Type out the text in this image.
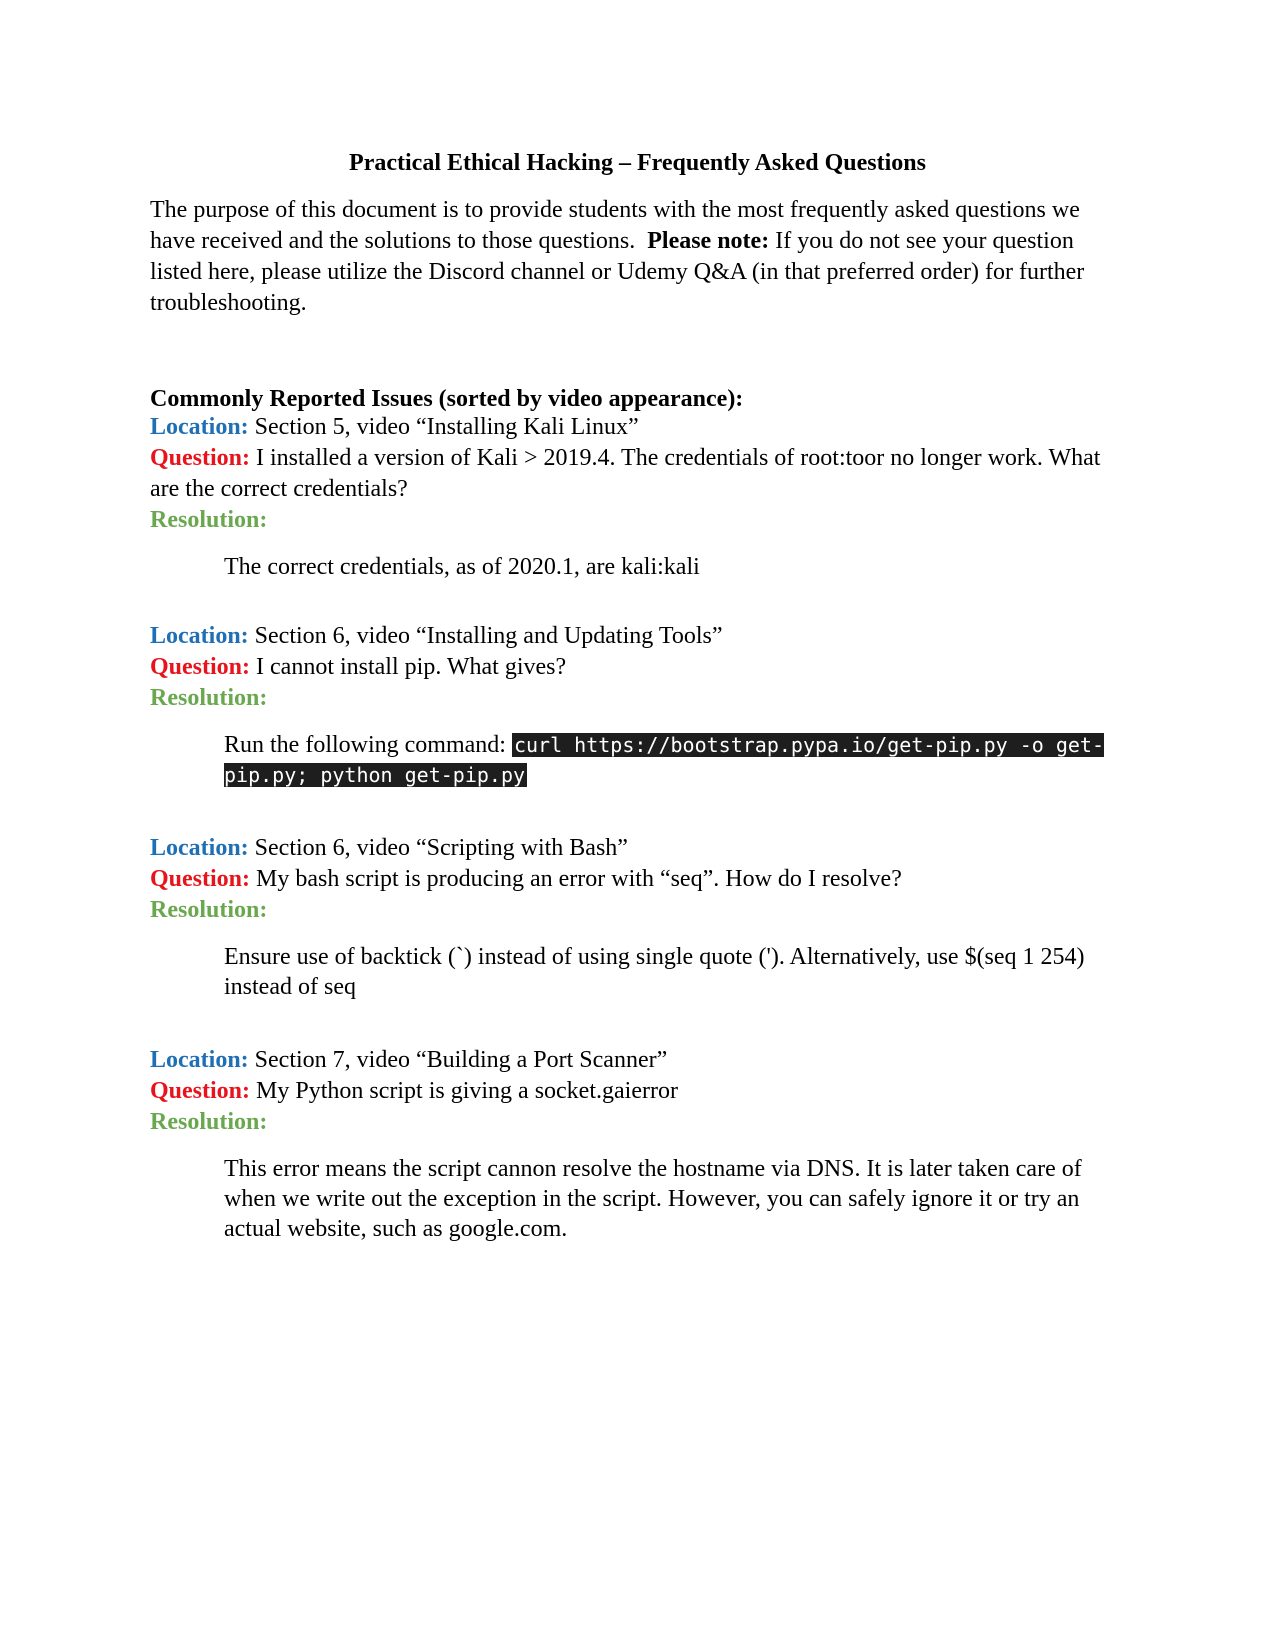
Practical Ethical Hacking – Frequently Asked Questions
The purpose of this document is to provide students with the most frequently asked questions we have received and the solutions to those questions. Please note: If you do not see your question listed here, please utilize the Discord channel or Udemy Q&A (in that preferred order) for further troubleshooting.
Commonly Reported Issues (sorted by video appearance):
Location: Section 5, video “Installing Kali Linux”
Question: I installed a version of Kali > 2019.4. The credentials of root:toor no longer work. What are the correct credentials?
Resolution:
The correct credentials, as of 2020.1, are kali:kali
Location: Section 6, video “Installing and Updating Tools”
Question: I cannot install pip. What gives?
Resolution:
Run the following command: curl https://bootstrap.pypa.io/get-pip.py -o get-pip.py; python get-pip.py
Location: Section 6, video “Scripting with Bash”
Question: My bash script is producing an error with “seq”. How do I resolve?
Resolution:
Ensure use of backtick (`) instead of using single quote ('). Alternatively, use $(seq 1 254) instead of seq
Location: Section 7, video “Building a Port Scanner”
Question: My Python script is giving a socket.gaierror
Resolution:
This error means the script cannon resolve the hostname via DNS. It is later taken care of when we write out the exception in the script. However, you can safely ignore it or try an actual website, such as google.com.
